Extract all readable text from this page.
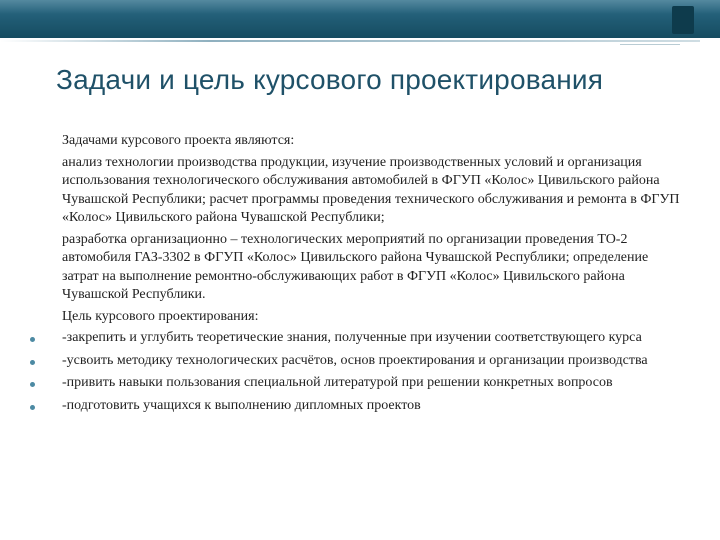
Задачи и цель курсового проектирования

Задачами курсового проекта являются:

анализ технологии производства продукции, изучение производственных условий и организация использования технологического обслуживания автомобилей в ФГУП «Колос» Цивильского района Чувашской Республики; расчет программы проведения технического обслуживания и ремонта в ФГУП «Колос» Цивильского района Чувашской Республики;

разработка организационно – технологических мероприятий по организации проведения ТО-2 автомобиля ГАЗ-3302 в ФГУП «Колос» Цивильского района Чувашской Республики; определение затрат на выполнение ремонтно-обслуживающих работ в ФГУП «Колос» Цивильского района Чувашской Республики.

Цель курсового проектирования:

-закрепить и углубить теоретические знания, полученные при изучении соответствующего курса
-усвоить методику технологических расчётов, основ проектирования и организации производства
-привить навыки пользования специальной литературой при решении конкретных вопросов
-подготовить учащихся к выполнению дипломных проектов
